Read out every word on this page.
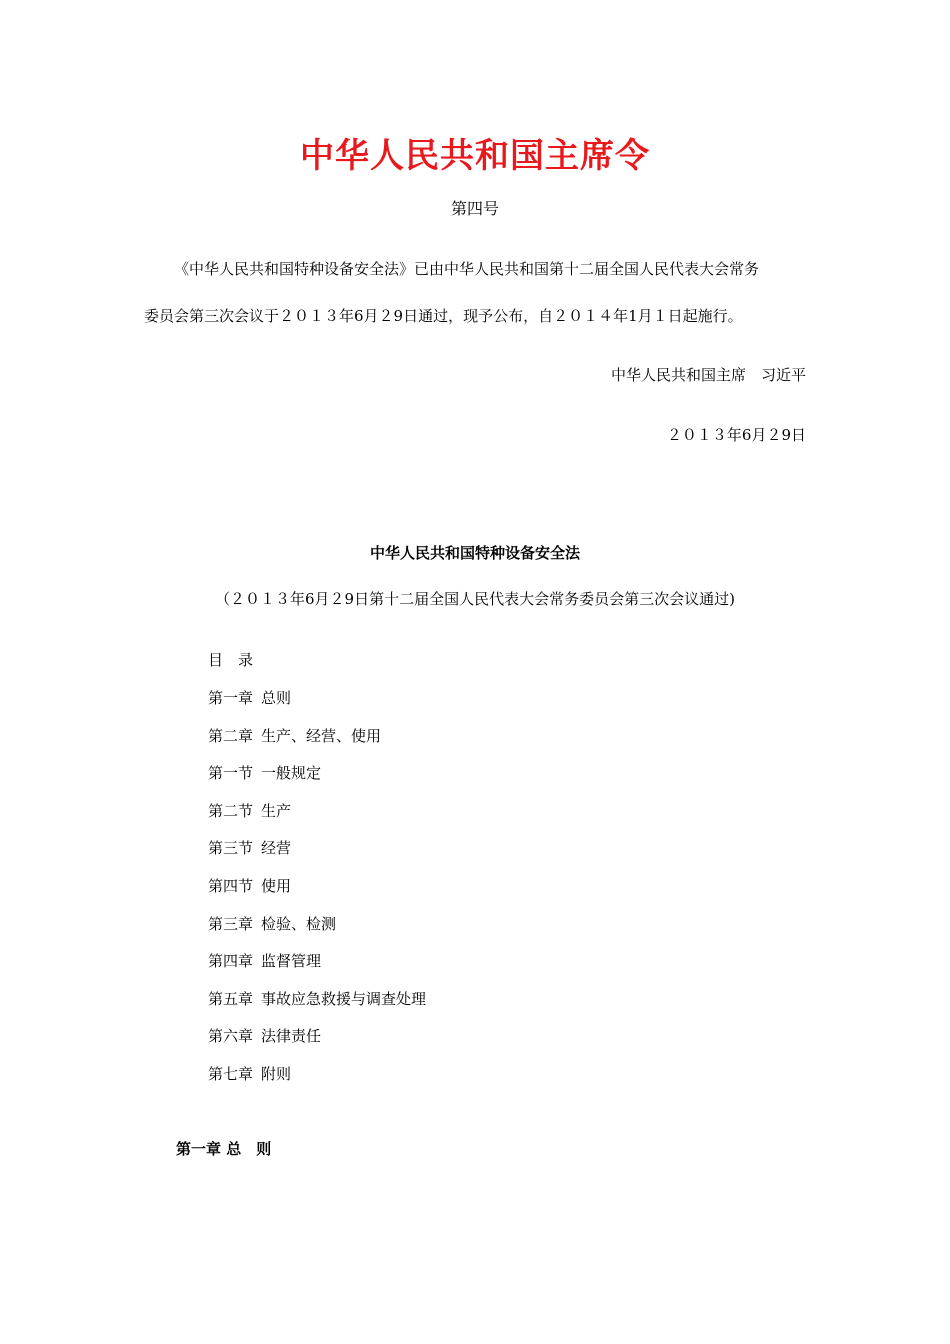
中华人民共和国主席令
第四号
《中华人民共和国特种设备安全法》已由中华人民共和国第十二届全国人民代表大会常务
委员会第三次会议于２０１３年6月２9日通过，现予公布，自２０１４年1月１日起施行。
中华人民共和国主席　习近平
２０１３年6月２9日
中华人民共和国特种设备安全法
（２０１３年6月２9日第十二届全国人民代表大会常务委员会第三次会议通过)
目　录
第一章 总则
第二章 生产、经营、使用
第一节 一般规定
第二节 生产
第三节 经营
第四节 使用
第三章 检验、检测
第四章 监督管理
第五章 事故应急救援与调查处理
第六章 法律责任
第七章 附则
第一章 总　则
